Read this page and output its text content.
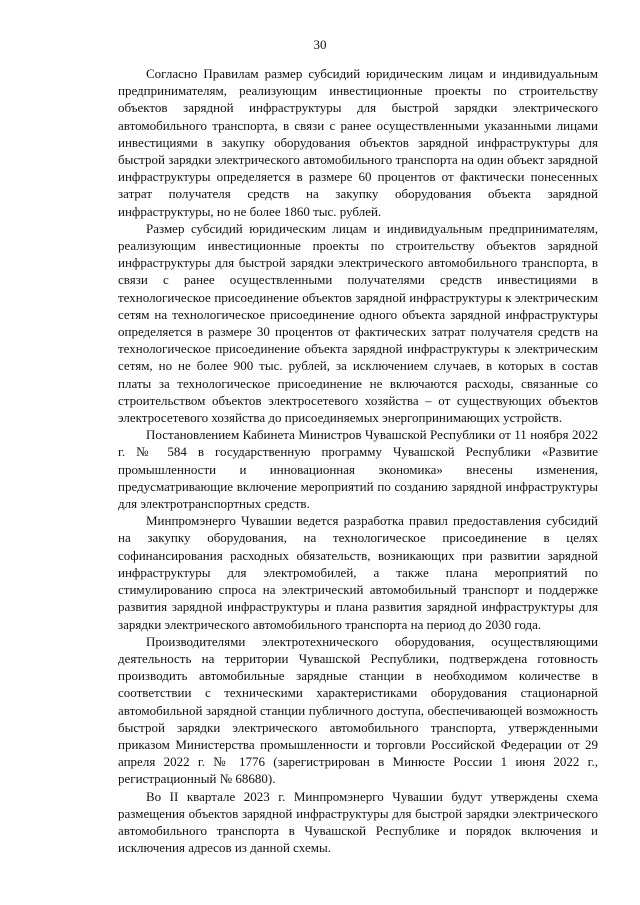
30

Согласно Правилам размер субсидий юридическим лицам и индивидуальным предпринимателям, реализующим инвестиционные проекты по строительству объектов зарядной инфраструктуры для быстрой зарядки электрического автомобильного транспорта, в связи с ранее осуществленными указанными лицами инвестициями в закупку оборудования объектов зарядной инфраструктуры для быстрой зарядки электрического автомобильного транспорта на один объект зарядной инфраструктуры определяется в размере 60 процентов от фактически понесенных затрат получателя средств на закупку оборудования объекта зарядной инфраструктуры, но не более 1860 тыс. рублей.

Размер субсидий юридическим лицам и индивидуальным предпринимателям, реализующим инвестиционные проекты по строительству объектов зарядной инфраструктуры для быстрой зарядки электрического автомобильного транспорта, в связи с ранее осуществленными получателями средств инвестициями в технологическое присоединение объектов зарядной инфраструктуры к электрическим сетям на технологическое присоединение одного объекта зарядной инфраструктуры определяется в размере 30 процентов от фактических затрат получателя средств на технологическое присоединение объекта зарядной инфраструктуры к электрическим сетям, но не более 900 тыс. рублей, за исключением случаев, в которых в состав платы за технологическое присоединение не включаются расходы, связанные со строительством объектов электросетевого хозяйства – от существующих объектов электросетевого хозяйства до присоединяемых энергопринимающих устройств.

Постановлением Кабинета Министров Чувашской Республики от 11 ноября 2022 г. № 584 в государственную программу Чувашской Республики «Развитие промышленности и инновационная экономика» внесены изменения, предусматривающие включение мероприятий по созданию зарядной инфраструктуры для электротранспортных средств.

Минпромэнерго Чувашии ведется разработка правил предоставления субсидий на закупку оборудования, на технологическое присоединение в целях софинансирования расходных обязательств, возникающих при развитии зарядной инфраструктуры для электромобилей, а также плана мероприятий по стимулированию спроса на электрический автомобильный транспорт и поддержке развития зарядной инфраструктуры и плана развития зарядной инфраструктуры для зарядки электрического автомобильного транспорта на период до 2030 года.

Производителями электротехнического оборудования, осуществляющими деятельность на территории Чувашской Республики, подтверждена готовность производить автомобильные зарядные станции в необходимом количестве в соответствии с техническими характеристиками оборудования стационарной автомобильной зарядной станции публичного доступа, обеспечивающей возможность быстрой зарядки электрического автомобильного транспорта, утвержденными приказом Министерства промышленности и торговли Российской Федерации от 29 апреля 2022 г. № 1776 (зарегистрирован в Минюсте России 1 июня 2022 г., регистрационный № 68680).

Во II квартале 2023 г. Минпромэнерго Чувашии будут утверждены схема размещения объектов зарядной инфраструктуры для быстрой зарядки электрического автомобильного транспорта в Чувашской Республике и порядок включения и исключения адресов из данной схемы.
